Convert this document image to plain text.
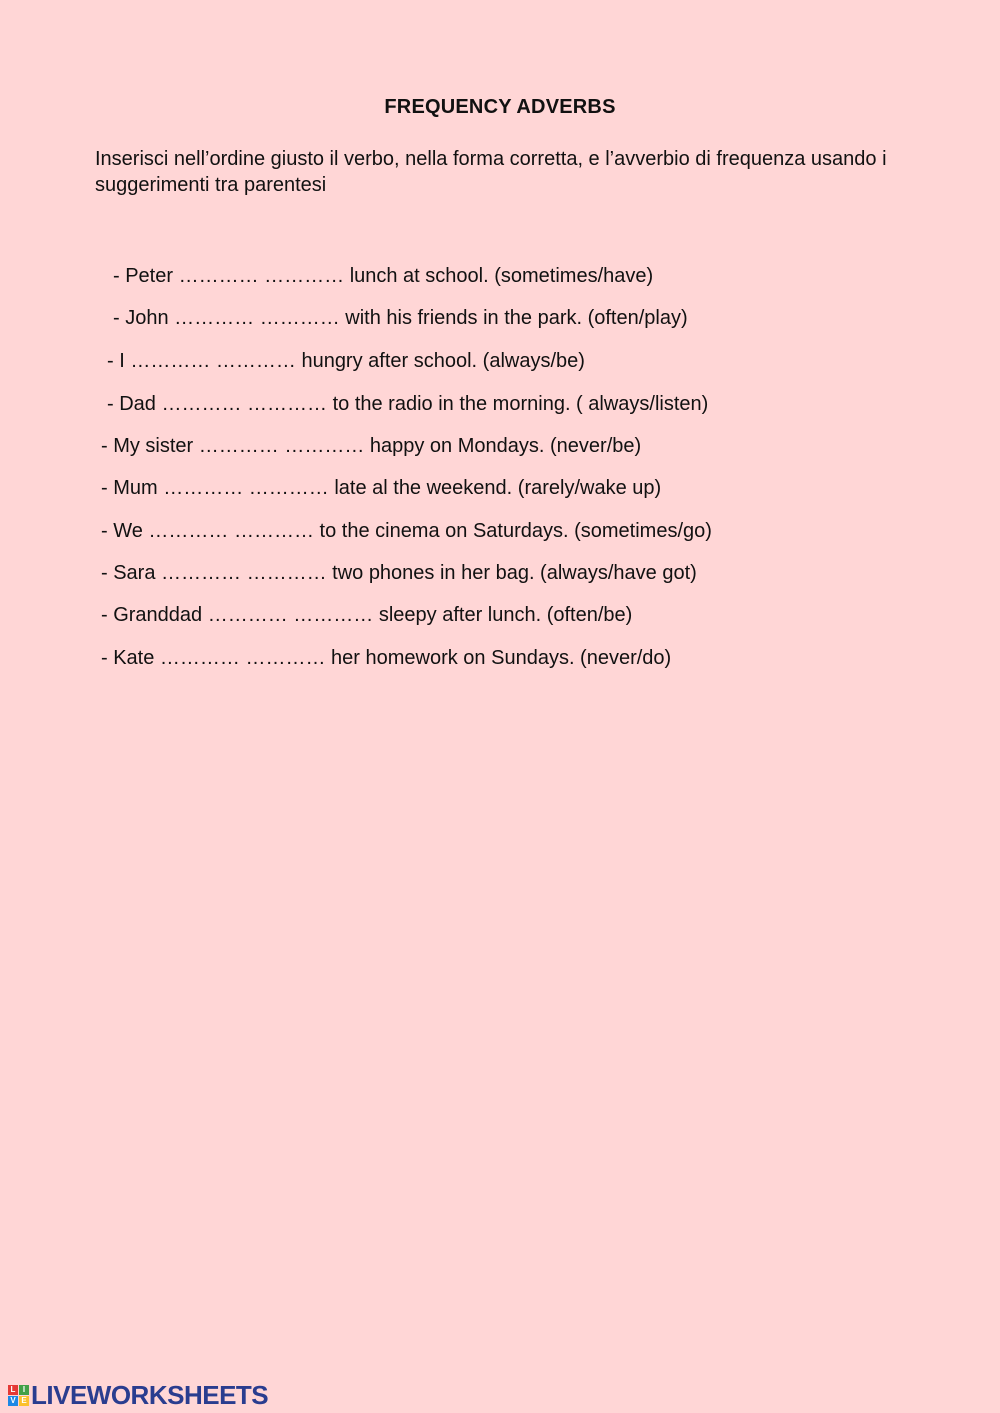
FREQUENCY ADVERBS
Inserisci nell’ordine giusto il verbo, nella forma corretta, e l’avverbio di frequenza usando i suggerimenti tra parentesi
- Peter ………… ………… lunch at school. (sometimes/have)
- John ………… ………… with his friends in the park. (often/play)
- I ………… ………… hungry after school. (always/be)
- Dad ………… ………… to the radio in the morning. ( always/listen)
- My sister ………… ………… happy on Mondays. (never/be)
- Mum ………… ………… late al the weekend. (rarely/wake up)
- We ………… ………… to the cinema on Saturdays. (sometimes/go)
- Sara ………… ………… two phones in her bag. (always/have got)
- Granddad ………… ………… sleepy after lunch. (often/be)
- Kate ………… ………… her homework on Sundays. (never/do)
L I
V E LIVEWORKSHEETS
